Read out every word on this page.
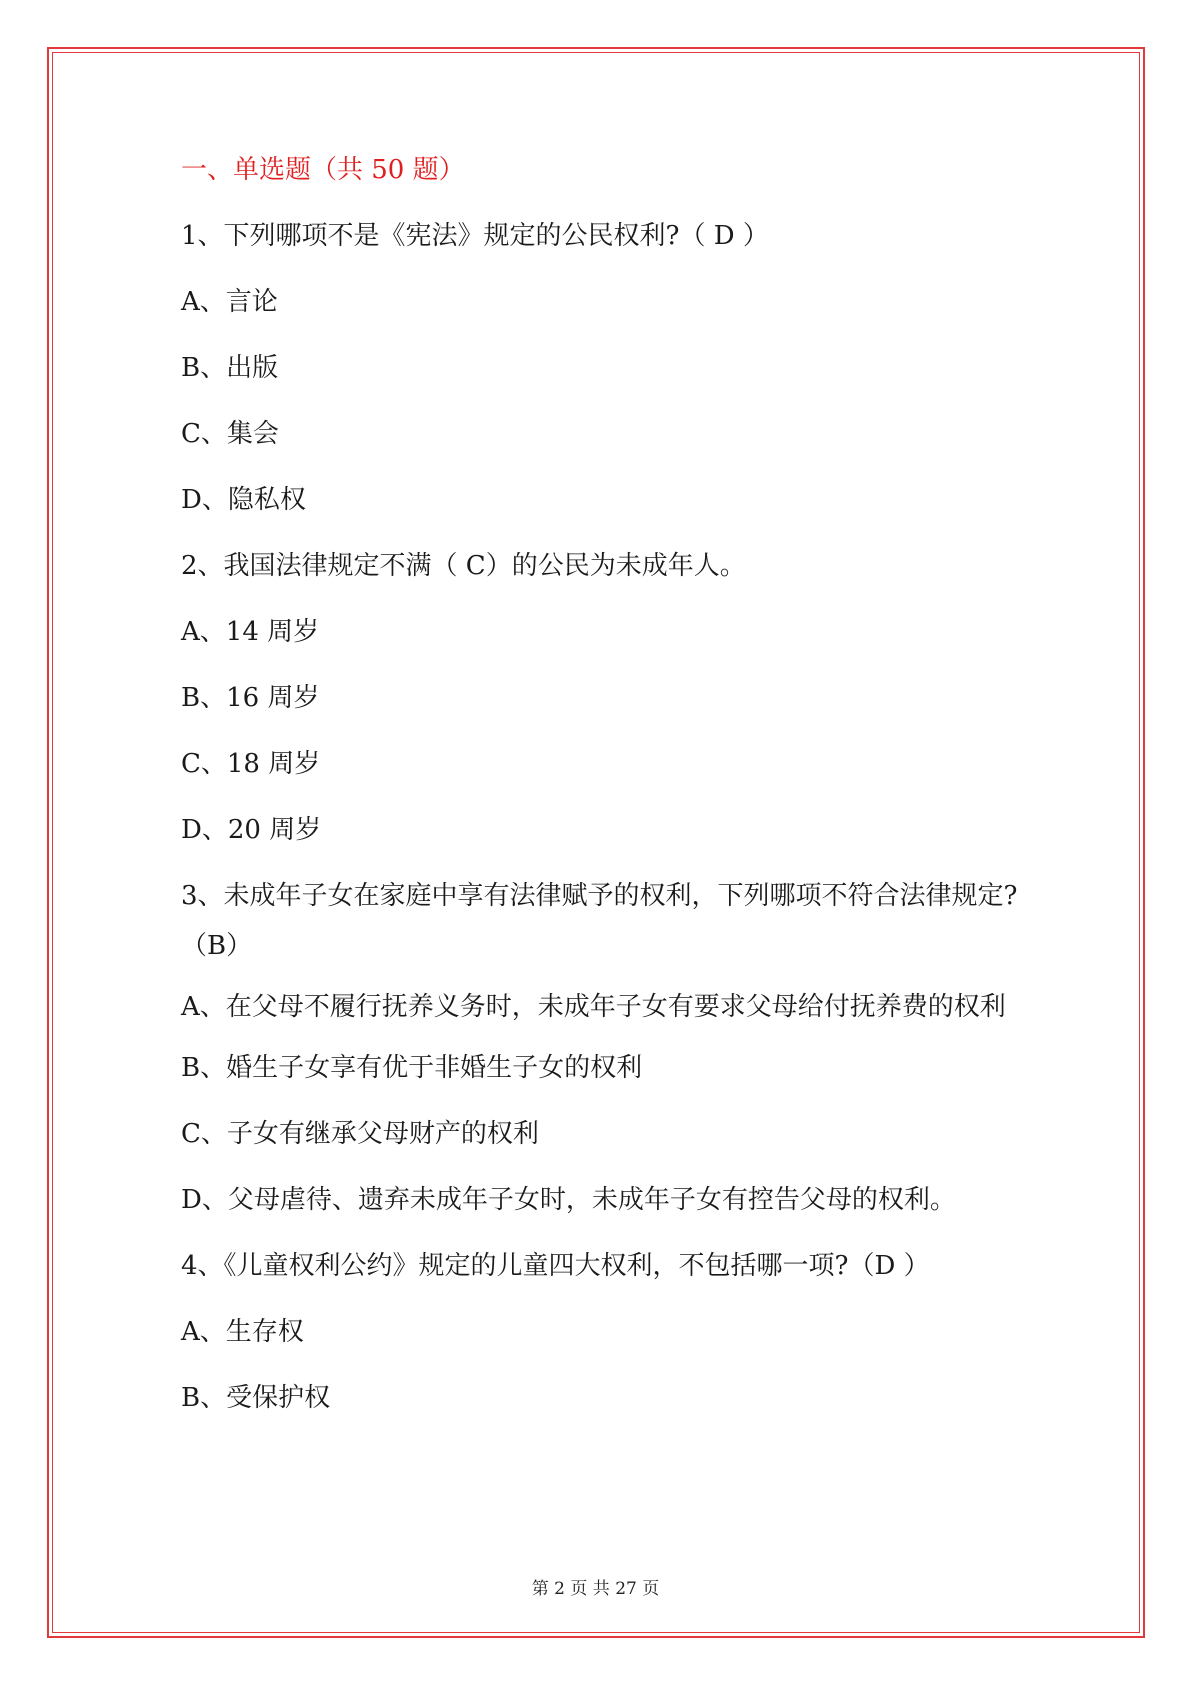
一、单选题（共 50 题）
1、下列哪项不是《宪法》规定的公民权利?（ D ）
A、言论
B、出版
C、集会
D、隐私权
2、我国法律规定不满（ C）的公民为未成年人。
A、14 周岁
B、16 周岁
C、18 周岁
D、20 周岁
3、未成年子女在家庭中享有法律赋予的权利，下列哪项不符合法律规定?（B）
A、在父母不履行抚养义务时，未成年子女有要求父母给付抚养费的权利
B、婚生子女享有优于非婚生子女的权利
C、子女有继承父母财产的权利
D、父母虐待、遗弃未成年子女时，未成年子女有控告父母的权利。
4、《儿童权利公约》规定的儿童四大权利，不包括哪一项?（D ）
A、生存权
B、受保护权
第 2 页 共 27 页
